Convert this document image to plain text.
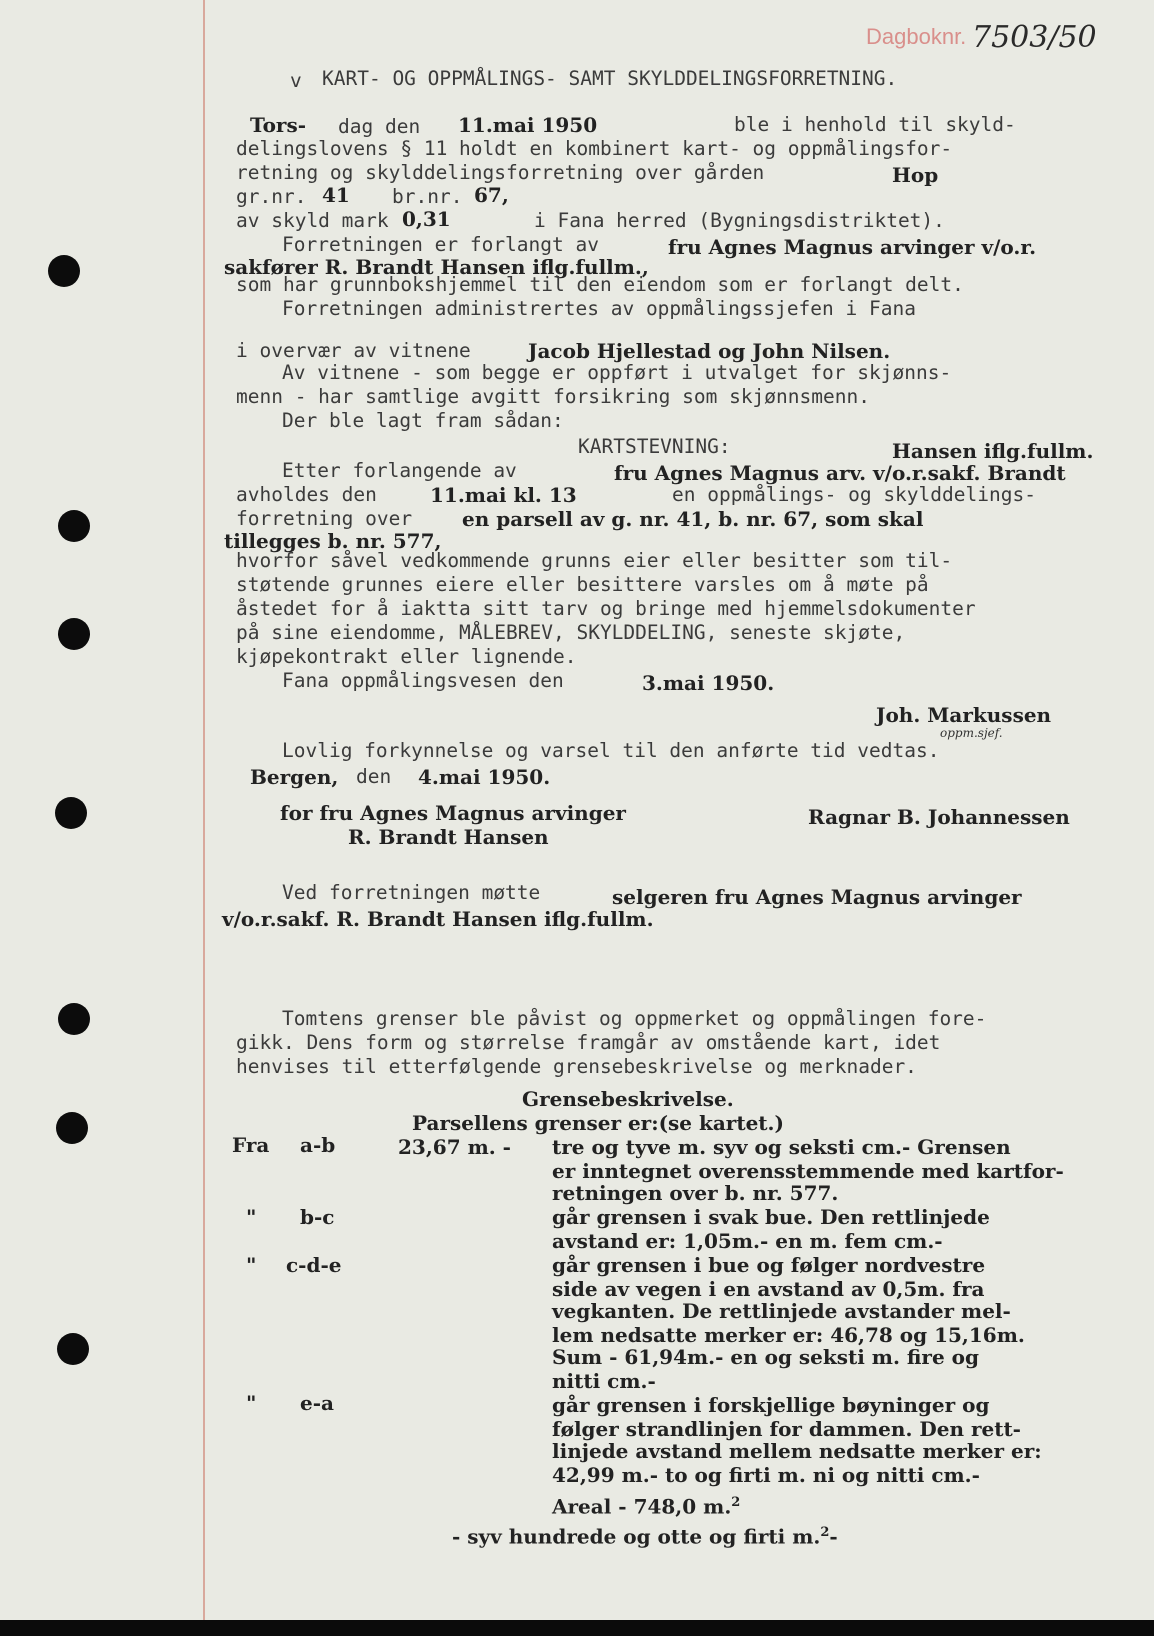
Dagboknr. 7503/50
v KART- OG OPPMÅLINGS- SAMT SKYLDDELINGSFORRETNING.
Tors- dag den 11.mai 1950	ble i henhold til skyld-
delingslovens § 11 holdt en kombinert kart- og oppmålingsfor-
retning og skylddelingsforretning over gården	Hop
gr.nr. 41 br.nr. 67,
av skyld mark 0,31	i Fana herred (Bygningsdistriktet).
Forretningen er forlangt av	fru Agnes Magnus arvinger v/o.r.
sakfører R. Brandt Hansen iflg.fullm.,
som har grunnbokshjemmel til den eiendom som er forlangt delt.
Forretningen administrertes av oppmålingssjefen i Fana
i overvær av vitnene	Jacob Hjellestad og John Nilsen.
Av vitnene - som begge er oppført i utvalget for skjønns-
menn - har samtlige avgitt forsikring som skjønnsmenn.
Der ble lagt fram sådan:
KARTSTEVNING:	Hansen iflg.fullm.
Etter forlangende av	fru Agnes Magnus arv. v/o.r.sakf. Brandt
avholdes den	11.mai kl. 13	en oppmålings- og skylddelings-
forretning over en parsell av g. nr. 41, b. nr. 67, som skal
tillegges b. nr. 577,
hvorfor såvel vedkommende grunns eier eller besitter som til-
støtende grunnes eiere eller besittere varsles om å møte på
åstedet for å iaktta sitt tarv og bringe med hjemmelsdokumenter
på sine eiendomme, MÅLEBREV, SKYLDDELING, seneste skjøte,
kjøpekontrakt eller lignende.
Fana oppmålingsvesen den	3.mai 1950.
Joh. Markussen
oppm.sjef.
Lovlig forkynnelse og varsel til den anførte tid vedtas.
Bergen, den 4.mai 1950.
for fru Agnes Magnus arvinger	Ragnar B. Johannessen
R. Brandt Hansen
Ved forretningen møtte	selgeren fru Agnes Magnus arvinger
v/o.r.sakf. R. Brandt Hansen iflg.fullm.
Tomtens grenser ble påvist og oppmerket og oppmålingen fore-
gikk. Dens form og størrelse framgår av omstående kart, idet
henvises til etterfølgende grensebeskrivelse og merknader.
Grensebeskrivelse.
Parsellens grenser er:(se kartet.)
Fra a-b	23,67 m. - tre og tyve m. syv og seksti cm.- Grensen
er inntegnet overensstemmende med kartfor-
retningen over b. nr. 577.
" b-c	går grensen i svak bue. Den rettlinjede
avstand er: 1,05m.- en m. fem cm.-
" c-d-e	går grensen i bue og følger nordvestre
side av vegen i en avstand av 0,5m. fra
vegkanten. De rettlinjede avstander mel-
lem nedsatte merker er: 46,78 og 15,16m.
Sum - 61,94m.- en og seksti m. fire og
nitti cm.-
" e-a	går grensen i forskjellige bøyninger og
følger strandlinjen for dammen. Den rett-
linjede avstand mellem nedsatte merker er:
42,99 m.- to og firti m. ni og nitti cm.-
Areal - 748,0 m.$^2$
- syv hundrede og otte og firti m.$^2$-
